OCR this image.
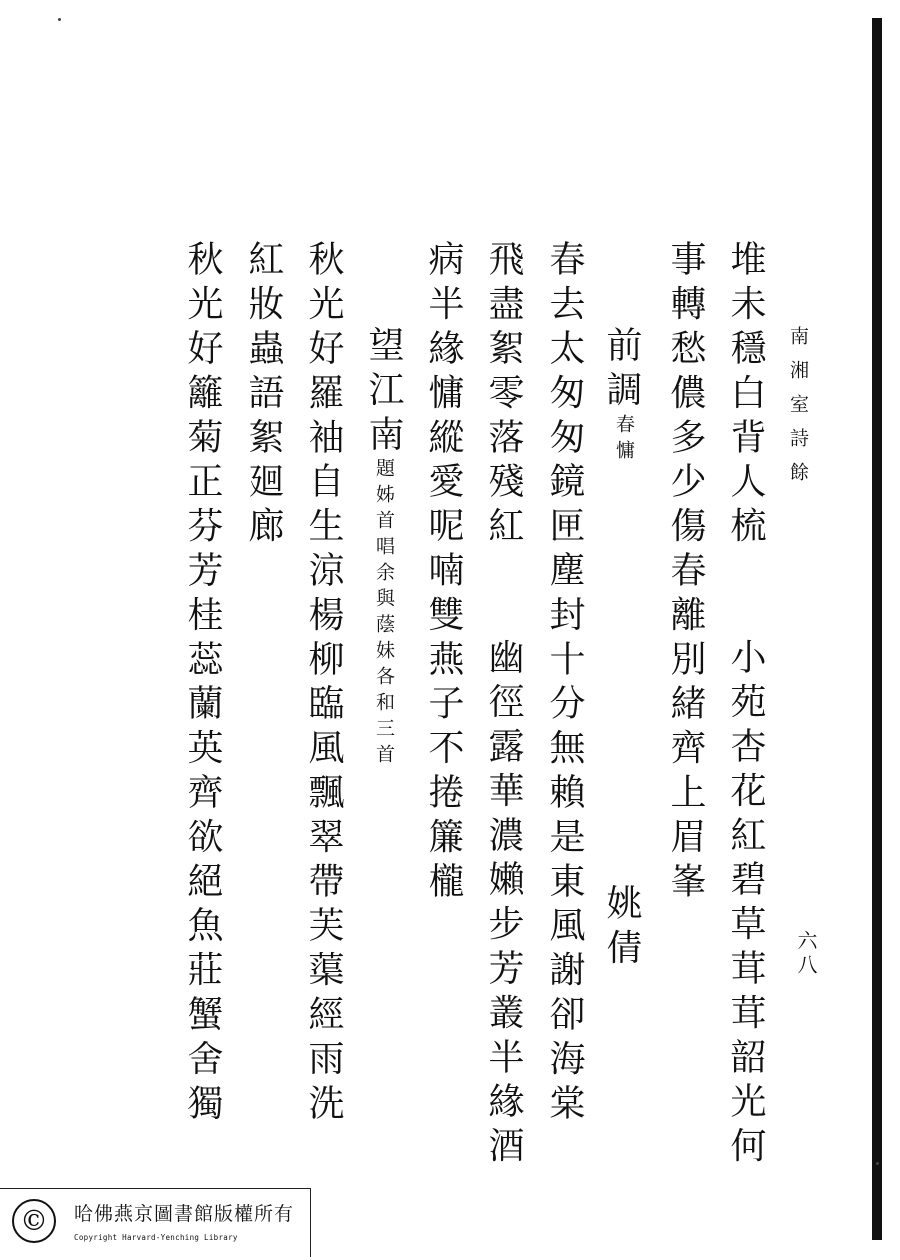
南湘室詩餘
六八
堆未穩白背人梳 小苑杏花紅碧草茸茸韶光何
事轉愁儂多少傷春離別緒齊上眉峯
前調
春慵
姚倩
春去太匆匆鏡匣塵封十分無賴是東風謝卻海棠
飛盡絮零落殘紅 幽徑露華濃嬾步芳叢半緣酒
病半緣慵縱愛呢喃雙燕子不捲簾櫳
望江南
題姊首唱余與蔭妹各和三首
秋光好羅袖自生涼楊柳臨風飄翠帶芙蕖經雨洗
紅妝蟲語絮廻廊
秋光好籬菊正芬芳桂蕊蘭英齊欲絕魚莊蟹舍獨
©	哈佛燕京圖書館版權所有
Copyright Harvard-Yenching Library
